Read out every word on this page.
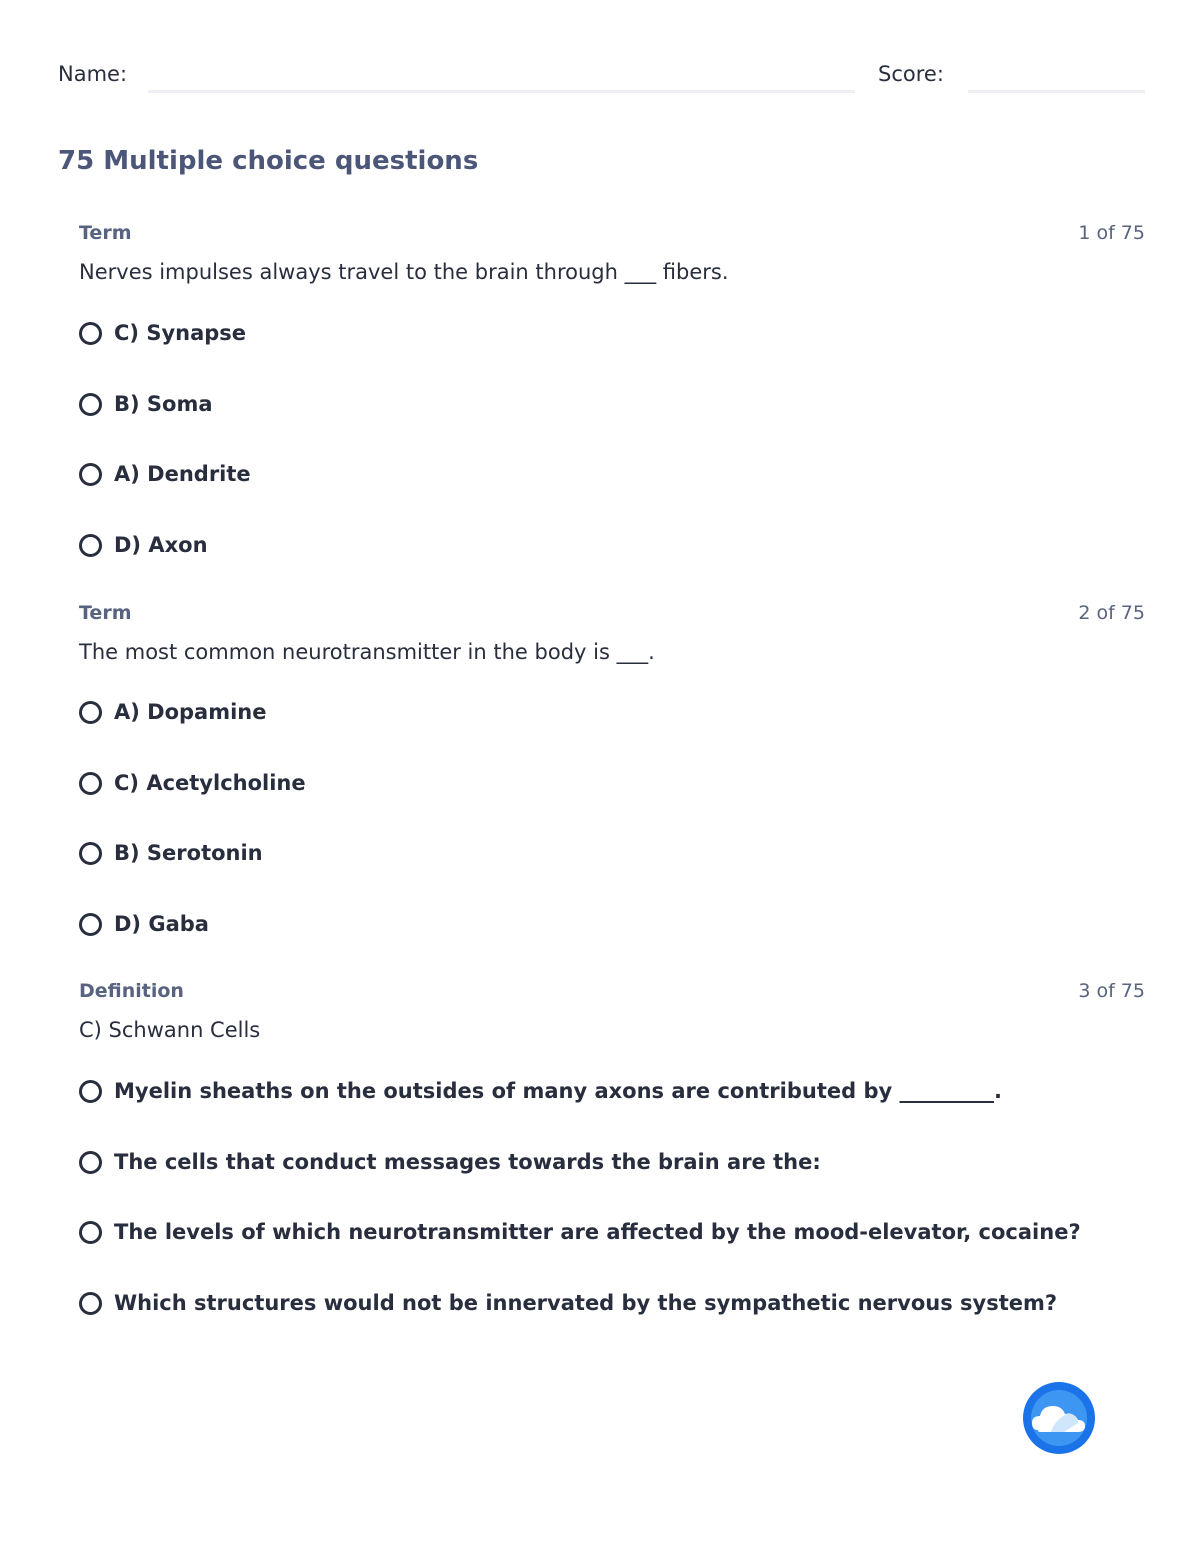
Name:	Score:
75 Multiple choice questions
Term	1 of 75
Nerves impulses always travel to the brain through ___ fibers.
C) Synapse
B) Soma
A) Dendrite
D) Axon
Term	2 of 75
The most common neurotransmitter in the body is ___.
A) Dopamine
C) Acetylcholine
B) Serotonin
D) Gaba
Definition	3 of 75
C) Schwann Cells
Myelin sheaths on the outsides of many axons are contributed by _________.
The cells that conduct messages towards the brain are the:
The levels of which neurotransmitter are affected by the mood-elevator, cocaine?
Which structures would not be innervated by the sympathetic nervous system?
